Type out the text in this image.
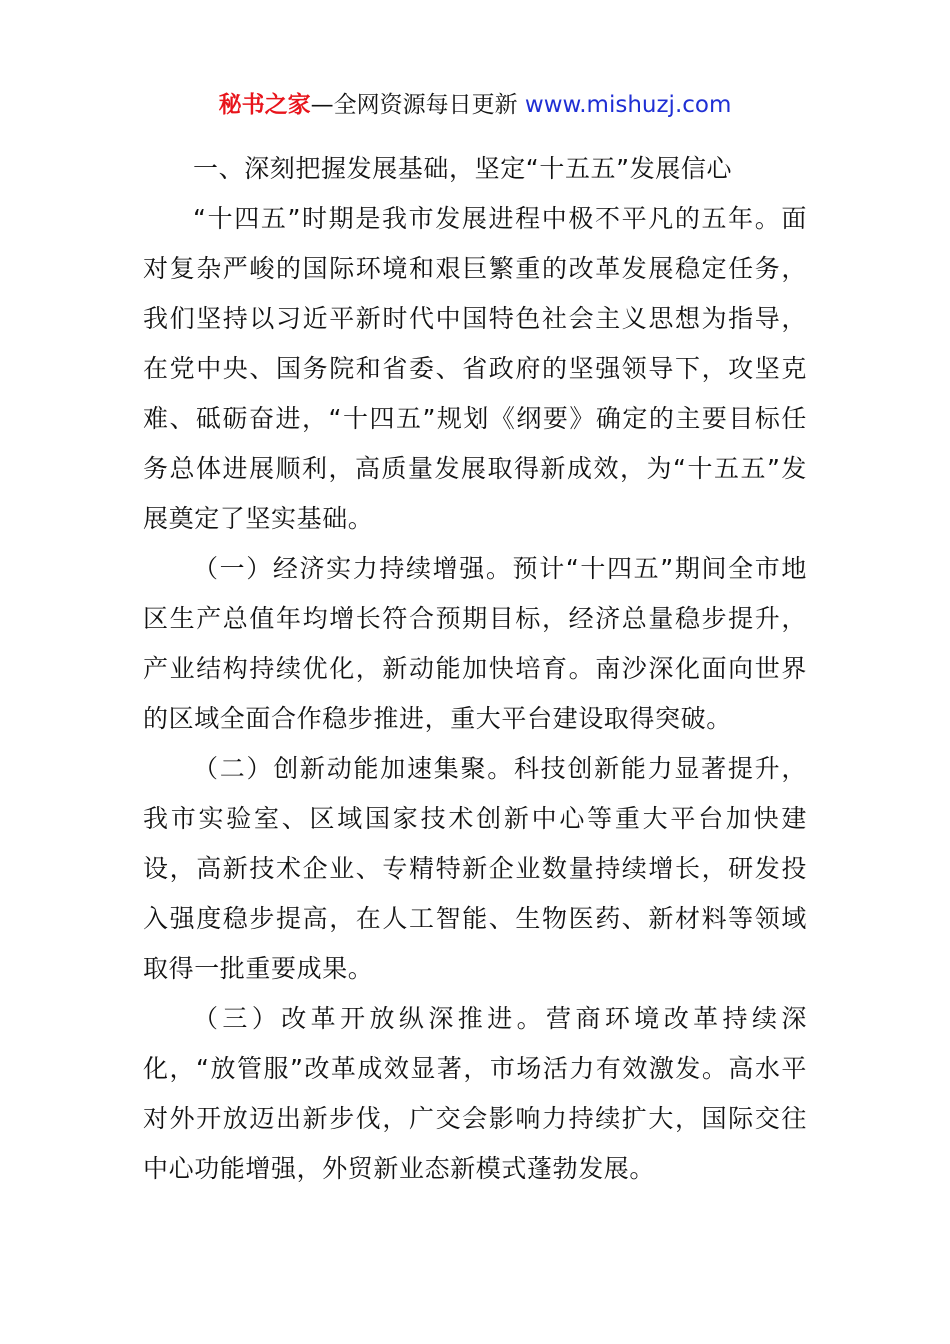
秘书之家—全网资源每日更新 www.mishuzj.com

一、深刻把握发展基础，坚定“十五五”发展信心

“十四五”时期是我市发展进程中极不平凡的五年。面对复杂严峻的国际环境和艰巨繁重的改革发展稳定任务，我们坚持以习近平新时代中国特色社会主义思想为指导，在党中央、国务院和省委、省政府的坚强领导下，攻坚克难、砥砺奋进，“十四五”规划《纲要》确定的主要目标任务总体进展顺利，高质量发展取得新成效，为“十五五”发展奠定了坚实基础。

（一）经济实力持续增强。预计“十四五”期间全市地区生产总值年均增长符合预期目标，经济总量稳步提升，产业结构持续优化，新动能加快培育。南沙深化面向世界的区域全面合作稳步推进，重大平台建设取得突破。

（二）创新动能加速集聚。科技创新能力显著提升，我市实验室、区域国家技术创新中心等重大平台加快建设，高新技术企业、专精特新企业数量持续增长，研发投入强度稳步提高，在人工智能、生物医药、新材料等领域取得一批重要成果。

（三）改革开放纵深推进。营商环境改革持续深化，“放管服”改革成效显著，市场活力有效激发。高水平对外开放迈出新步伐，广交会影响力持续扩大，国际交往中心功能增强，外贸新业态新模式蓬勃发展。
